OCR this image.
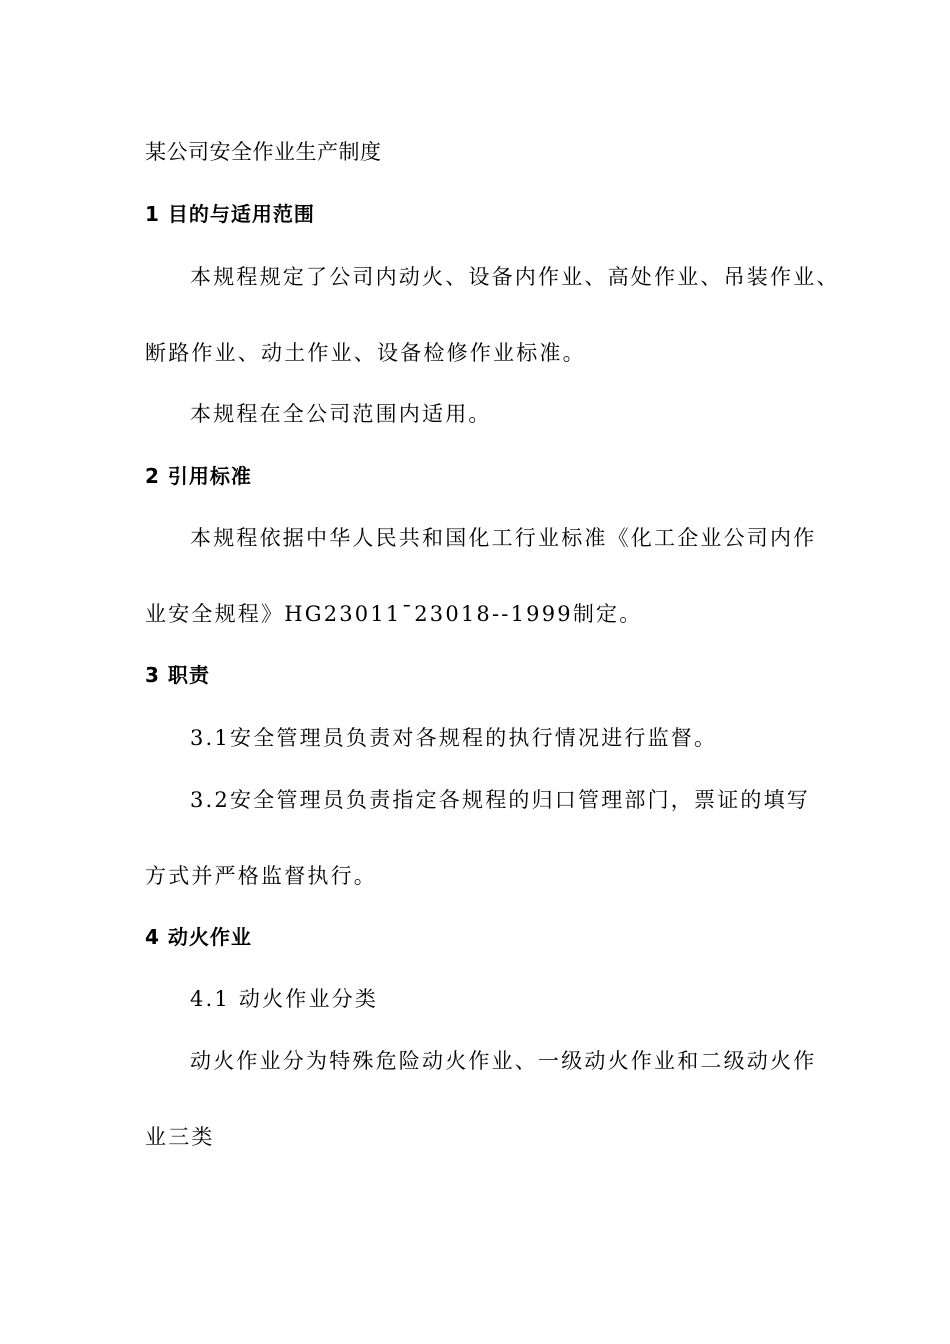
某公司安全作业生产制度
1 目的与适用范围
本规程规定了公司内动火、设备内作业、高处作业、吊装作业、
断路作业、动土作业、设备检修作业标准。
本规程在全公司范围内适用。
2 引用标准
本规程依据中华人民共和国化工行业标准《化工企业公司内作
业安全规程》HG23011¯23018--1999制定。
3 职责
3.1安全管理员负责对各规程的执行情况进行监督。
3.2安全管理员负责指定各规程的归口管理部门，票证的填写
方式并严格监督执行。
4 动火作业
4.1 动火作业分类
动火作业分为特殊危险动火作业、一级动火作业和二级动火作
业三类
